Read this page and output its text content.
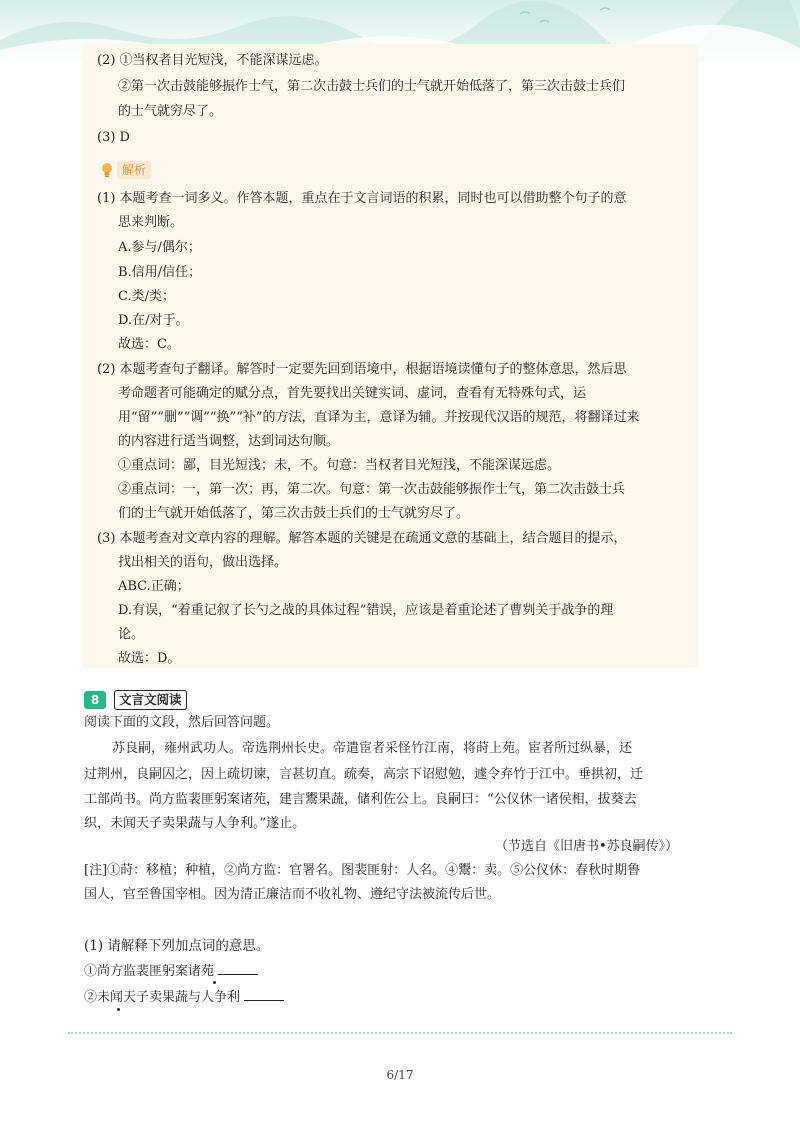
(2) ①当权者目光短浅，不能深谋远虑。
②第一次击鼓能够振作士气，第二次击鼓士兵们的士气就开始低落了，第三次击鼓士兵们
的士气就穷尽了。
(3) D
解析
(1) 本题考查一词多义。作答本题，重点在于文言词语的积累，同时也可以借助整个句子的意
思来判断。
A.参与/偶尔；
B.信用/信任；
C.类/类；
D.在/对于。
故选：C。
(2) 本题考查句子翻译。解答时一定要先回到语境中，根据语境读懂句子的整体意思，然后思
考命题者可能确定的赋分点，首先要找出关键实词、虚词，查看有无特殊句式，运
用“留”“删”“调”“换”“补”的方法，直译为主，意译为辅。并按现代汉语的规范，将翻译过来
的内容进行适当调整，达到词达句顺。
①重点词：鄙，目光短浅；未，不。句意：当权者目光短浅，不能深谋远虑。
②重点词：一，第一次；再，第二次。句意：第一次击鼓能够振作士气，第二次击鼓士兵
们的士气就开始低落了，第三次击鼓士兵们的士气就穷尽了。
(3) 本题考查对文章内容的理解。解答本题的关键是在疏通文意的基础上，结合题目的提示，
找出相关的语句，做出选择。
ABC.正确；
D.有误，“着重记叙了长勺之战的具体过程”错误，应该是着重论述了曹刿关于战争的理
论。
故选：D。
8	文言文阅读
阅读下面的文段，然后回答问题。
苏良嗣，雍州武功人。帝选荆州长史。帝遣宦者采怪竹江南，将莳上苑。宦者所过纵暴，还
过荆州，良嗣囚之，因上疏切谏，言甚切直。疏奏，高宗下诏慰勉，遽令弃竹于江中。垂拱初，迁
工部尚书。尚方监裴匪躬案诸苑，建言鬻果蔬，储利佐公上。良嗣曰：“公仪休一诸侯相，拔葵去
织，未闻天子卖果蔬与人争利。”遂止。
（节选自《旧唐书•苏良嗣传》）
[注]①莳：移植；种植，②尚方监：官署名。图裴匪射：人名。④鬻：卖。⑤公仪休：春秋时期鲁
国人，官至鲁国宰相。因为清正廉洁而不收礼物、遵纪守法被流传后世。
(1) 请解释下列加点词的意思。
①尚方监裴匪躬案诸苑
②未闻天子卖果蔬与人争利
6/17
